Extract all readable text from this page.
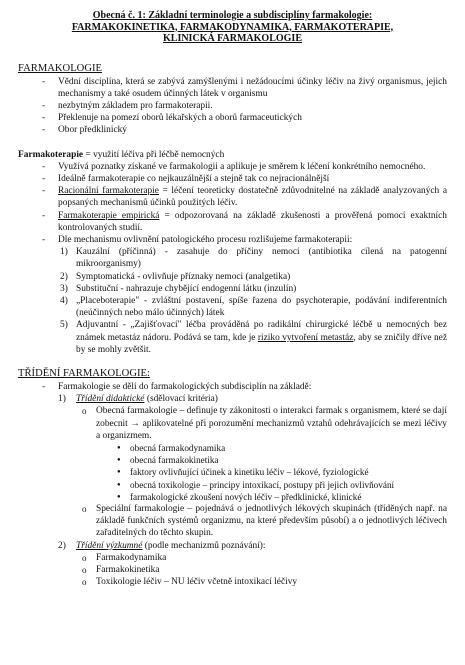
Obecná č. 1: Základní terminologie a subdisciplíny farmakologie:
FARMAKOKINETIKA, FARMAKODYNAMIKA, FARMAKOTERAPIE,
KLINICKÁ FARMAKOLOGIE
FARMAKOLOGIE
- Vědní disciplína, která se zabývá zamýšlenými i nežádoucími účinky léčiv na živý organismus, jejich mechanismy a také osudem účinných látek v organismu
- nezbytným základem pro farmakoterapii.
- Překlenuje na pomezí oborů lékařských a oborů farmaceutických
- Obor předklinický

Farmakoterapie = využití léčiva při léčbě nemocných

- Využívá poznatky získané ve farmakologii a aplikuje je směrem k léčení konkrétního nemocného.
- Ideálně farmakoterapie co nejkauzálnější a stejně tak co nejracionálnější
- Racionální farmakoterapie = léčení teoreticky dostatečně zdůvodnitelné na základě analyzovaných a popsaných mechanismů účinků použitých léčiv.
- Farmakoterapie empirická = odpozorovaná na základě zkušenosti a prověřená pomocí exaktních kontrolovaných studií.
- Dle mechanismu ovlivnění patologického procesu rozlišujeme farmakoterapii:
1) Kauzální (příčinná) - zasahuje do příčiny nemoci (antibiotika cílená na patogenní mikroorganismy)
2) Symptomatická - ovlivňuje příznaky nemoci (analgetika)
3) Substituční - nahrazuje chybějící endogenní látku (inzulín)
4) „Placeboterapie" - zvláštní postavení, spíše řazena do psychoterapie, podávání indiferentních (neúčinných nebo málo účinných) látek
5) Adjuvantní - „Zajišťovací" léčba prováděná po radikální chirurgické léčbě u nemocných bez známek metastáz nádoru. Podává se tam, kde je riziko vytvoření metastáz, aby se zničily dříve než by se mohly zvětšit.
TŘÍDĚNÍ FARMAKOLOGIE:
- Farmakologie se dělí do farmakologických subdisciplín na základě:
1) Třídění didaktické (sdělovací kritéria)
o Obecná farmakologie – definuje ty zákonitosti o interakci farmak s organismem, které se dají zobecnit → aplikovatelné při porozumění mechanizmů vztahů odehrávajících se mezi léčivy a organizmem.
● obecná farmakodynamika
● obecná farmakokinetika
● faktory ovlivňující účinek a kinetiku léčiv – lékové, fyziologické
● obecná toxikologie – principy intoxikací, postupy při jejich ovlivňování
● farmakologické zkoušení nových léčiv – předklinické, klinické
o Speciální farmakologie – pojednává o jednotlivých lékových skupinách (tříděných např. na základě funkčních systémů organizmu, na které především působí) a o jednotlivých léčivech zařaditelných do těchto skupin.
2) Třídění výzkumné (podle mechanizmů poznávání):
o Farmakodynamika
o Farmakokinetika
o Toxikologie léčiv – NU léčiv včetně intoxikací léčivy
